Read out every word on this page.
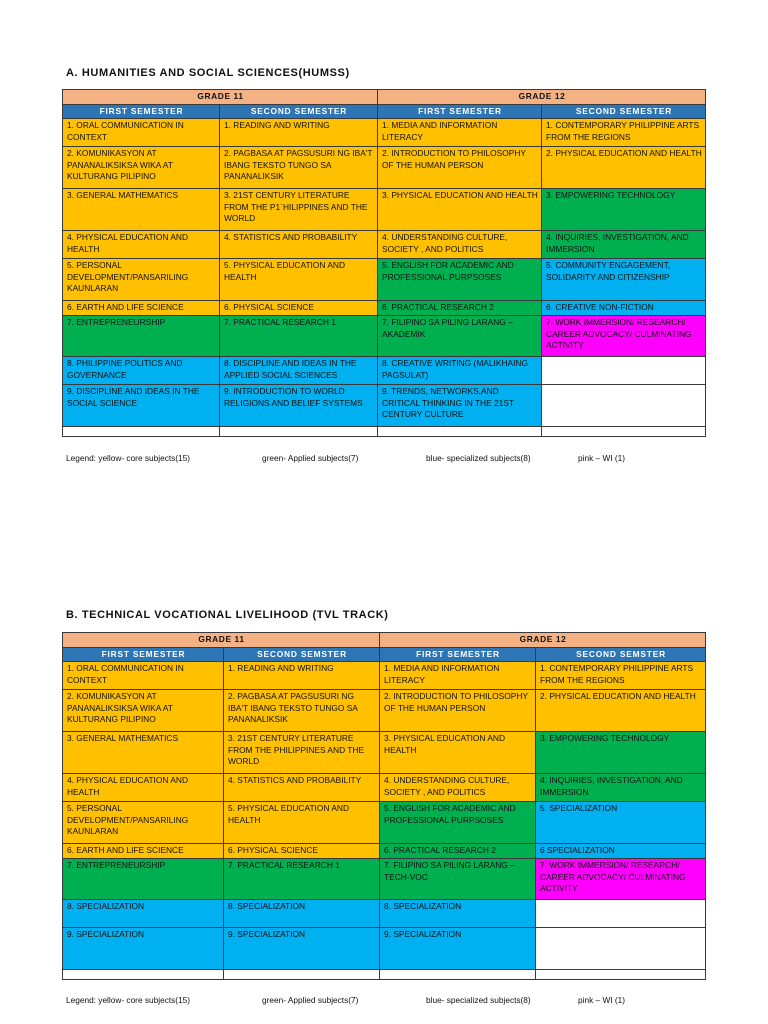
A. HUMANITIES AND SOCIAL SCIENCES(HUMSS)
GRADE 11		GRADE 12	
FIRST SEMESTER	SECOND SEMESTER	FIRST SEMESTER	SECOND SEMESTER
1. ORAL COMMUNICATION IN CONTEXT	1. READING AND WRITING	1. MEDIA AND INFORMATION LITERACY	1. CONTEMPORARY PHILIPPINE ARTS FROM THE REGIONS
2. KOMUNIKASYON AT PANANALIKSIKSA WIKA AT KULTURANG PILIPINO	2. PAGBASA AT PAGSUSURI NG IBA'T IBANG TEKSTO TUNGO SA PANANALIKSIK	2. INTRODUCTION TO PHILOSOPHY OF THE HUMAN PERSON	2. PHYSICAL EDUCATION AND HEALTH
3. GENERAL MATHEMATICS	3. 21ST CENTURY LITERATURE FROM THE P1`HILIPPINES AND THE WORLD	3. PHYSICAL EDUCATION AND HEALTH	3. EMPOWERING TECHNOLOGY
4. PHYSICAL EDUCATION AND HEALTH	4. STATISTICS AND PROBABILITY	4. UNDERSTANDING CULTURE, SOCIETY , AND POLITICS	4. INQUIRIES, INVESTIGATION, AND IMMERSION
5. PERSONAL DEVELOPMENT/PANSARILING KAUNLARAN	5. PHYSICAL EDUCATION AND HEALTH	5. ENGLISH FOR ACADEMIC AND PROFESSIONAL PURPSOSES	5. COMMUNITY ENGAGEMENT, SOLIDARITY AND CITIZENSHIP
6. EARTH AND LIFE SCIENCE	6. PHYSICAL SCIENCE	6. PRACTICAL RESEARCH 2	6. CREATIVE NON-FICTION
7. ENTREPRENEURSHIP	7. PRACTICAL RESEARCH 1	7. FILIPINO SA PILING LARANG – AKADEMIK	7. WORK IMMERSION/ RESEARCH/ CAREER ADVOCACY/ CULMINATING ACTIVITY
8. PHILIPPINE POLITICS AND GOVERNANCE	8. DISCIPLINE AND IDEAS IN THE APPLIED SOCIAL SCIENCES	8. CREATIVE WRITING (MALIKHAING PAGSULAT)	
9. DISCIPLINE AND IDEAS IN THE SOCIAL SCIENCE	9. INTRODUCTION TO WORLD RELIGIONS AND BELIEF SYSTEMS	9. TRENDS, NETWORKS,AND CRITICAL THINKING IN THE 21ST CENTURY CULTURE	

Legend: yellow- core subjects(15)	green- Applied subjects(7)	blue- specialized subjects(8)	pink – WI (1)
B. TECHNICAL VOCATIONAL LIVELIHOOD (TVL TRACK)
GRADE 11		GRADE 12	
FIRST SEMESTER	SECOND SEMSTER	FIRST SEMESTER	SECOND SEMSTER
1. ORAL COMMUNICATION IN CONTEXT	1. READING AND WRITING	1. MEDIA AND INFORMATION LITERACY	1. CONTEMPORARY PHILIPPINE ARTS FROM THE REGIONS
2. KOMUNIKASYON AT PANANALIKSIKSA WIKA AT KULTURANG PILIPINO	2. PAGBASA AT PAGSUSURI NG IBA'T IBANG TEKSTO TUNGO SA PANANALIKSIK	2. INTRODUCTION TO PHILOSOPHY OF THE HUMAN PERSON	2. PHYSICAL EDUCATION AND HEALTH
3. GENERAL MATHEMATICS	3. 21ST CENTURY LITERATURE FROM THE PHILIPPINES AND THE WORLD	3. PHYSICAL EDUCATION AND HEALTH	3. EMPOWERING TECHNOLOGY
4. PHYSICAL EDUCATION AND HEALTH	4. STATISTICS AND PROBABILITY	4. UNDERSTANDING CULTURE, SOCIETY , AND POLITICS	4. INQUIRIES, INVESTIGATION, AND IMMERSION
5. PERSONAL DEVELOPMENT/PANSARILING KAUNLARAN	5. PHYSICAL EDUCATION AND HEALTH	5. ENGLISH FOR ACADEMIC AND PROFESSIONAL PURPSOSES	5. SPECIALIZATION
6. EARTH AND LIFE SCIENCE	6. PHYSICAL SCIENCE	6. PRACTICAL RESEARCH 2	6 SPECIALIZATION
7. ENTREPRENEURSHIP	7. PRACTICAL RESEARCH 1	7. FILIPINO SA PILING LARANG – TECH-VOC	7. WORK IMMERSION/ RESEARCH/ CAREER ADVOCACY/ CULMINATING ACTIVITY
8. SPECIALIZATION	8. SPECIALIZATION	8. SPECIALIZATION	
9. SPECIALIZATION	9. SPECIALIZATION	9. SPECIALIZATION	

Legend: yellow- core subjects(15)	green- Applied subjects(7)	blue- specialized subjects(8)	pink – WI (1)
